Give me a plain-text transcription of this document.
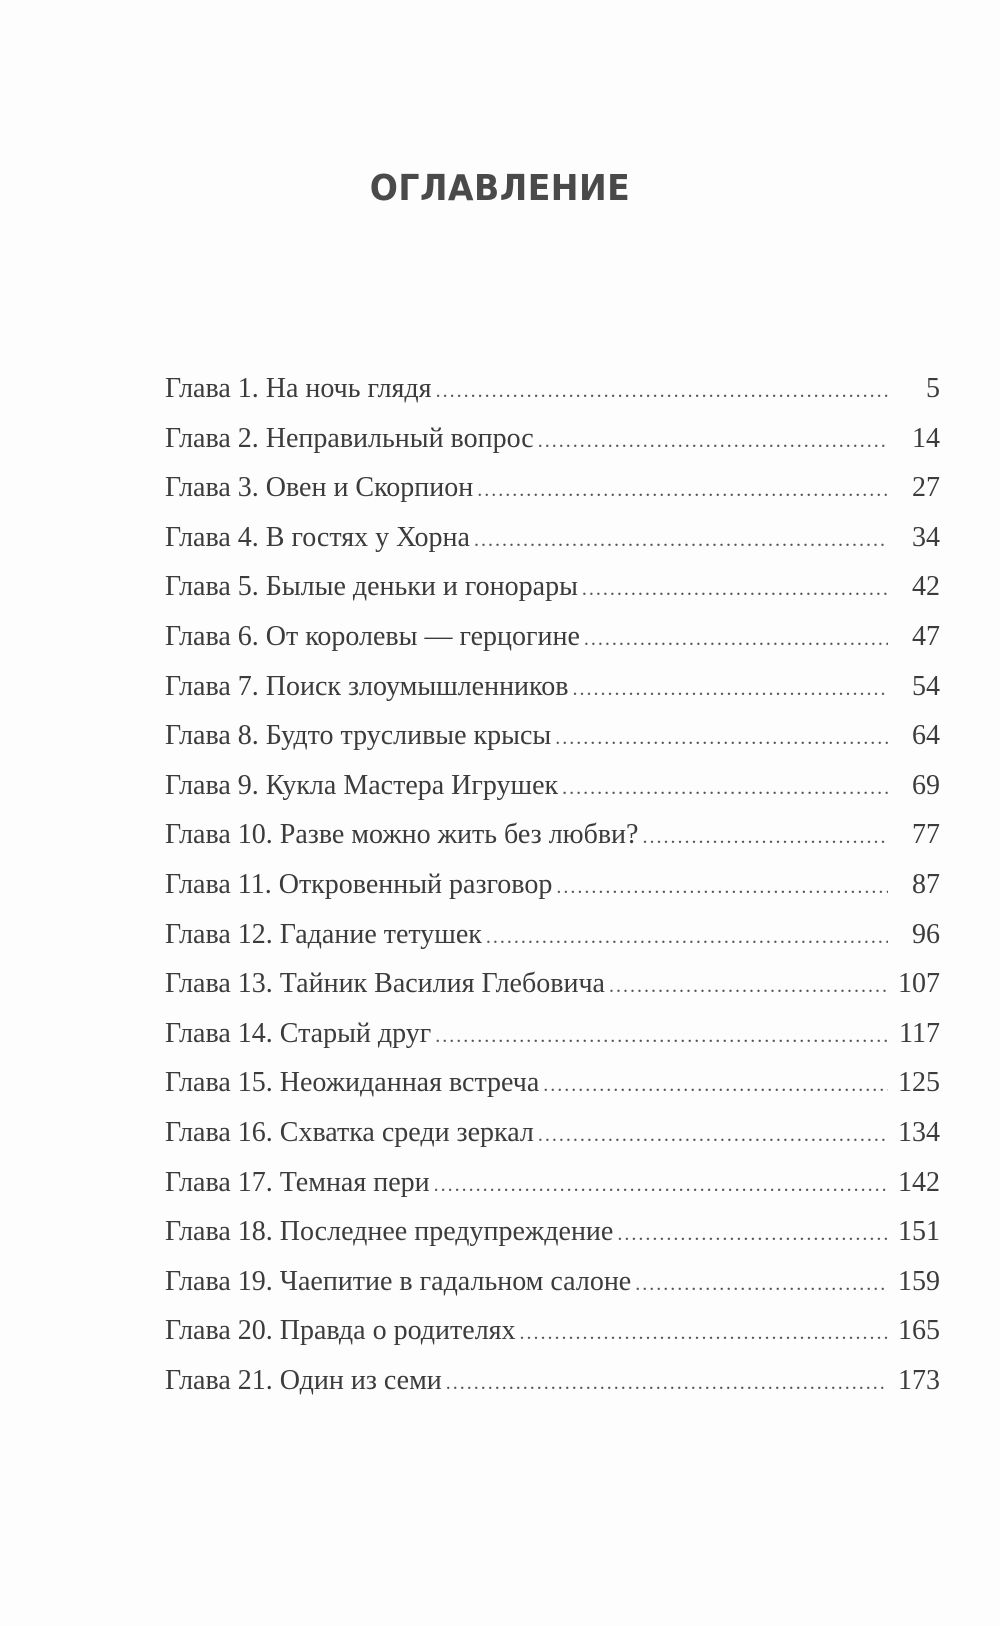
ОГЛАВЛЕНИЕ
Глава 1. На ночь глядя .....	5
Глава 2. Неправильный вопрос .....	14
Глава 3. Овен и Скорпион .....	27
Глава 4. В гостях у Хорна .....	34
Глава 5. Былые деньки и гонорары .....	42
Глава 6. От королевы — герцогине .....	47
Глава 7. Поиск злоумышленников .....	54
Глава 8. Будто трусливые крысы .....	64
Глава 9. Кукла Мастера Игрушек .....	69
Глава 10. Разве можно жить без любви? .....	77
Глава 11. Откровенный разговор .....	87
Глава 12. Гадание тетушек .....	96
Глава 13. Тайник Василия Глебовича .....	107
Глава 14. Старый друг .....	117
Глава 15. Неожиданная встреча .....	125
Глава 16. Схватка среди зеркал .....	134
Глава 17. Темная пери .....	142
Глава 18. Последнее предупреждение .....	151
Глава 19. Чаепитие в гадальном салоне .....	159
Глава 20. Правда о родителях .....	165
Глава 21. Один из семи .....	173
